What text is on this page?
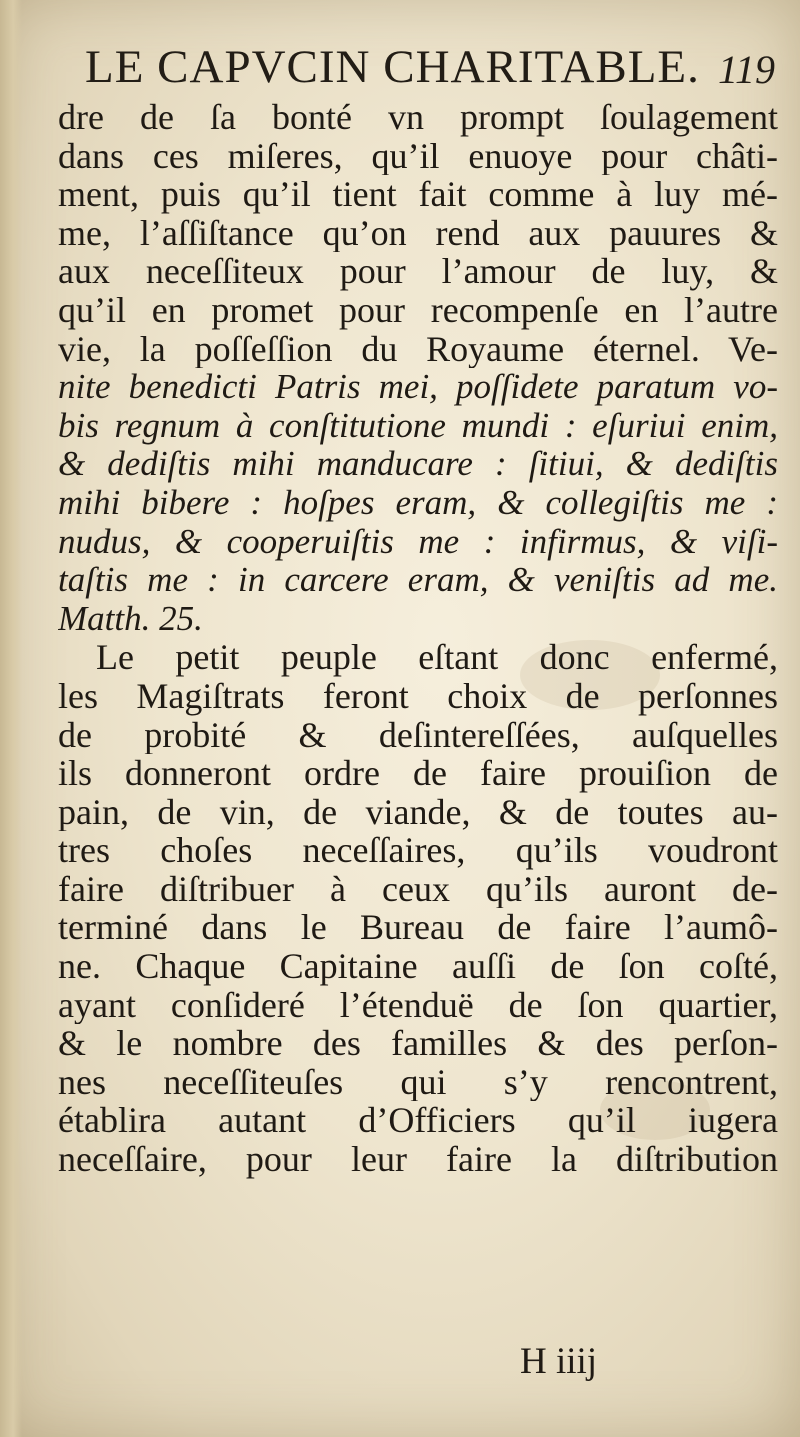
LE CAPVCIN CHARITABLE. 119
dre de ſa bonté vn prompt ſoulagement
dans ces miſeres, qu’il enuoye pour châti-
ment, puis qu’il tient fait comme à luy mé-
me, l’aſſiſtance qu’on rend aux pauures &
aux neceſſiteux pour l’amour de luy, &
qu’il en promet pour recompenſe en l’autre
vie, la poſſeſſion du Royaume éternel. Ve-
nite benedicti Patris mei, poſſidete paratum vo-
bis regnum à conſtitutione mundi : eſuriui enim,
& dediſtis mihi manducare : ſitiui, & dediſtis
mihi bibere : hoſpes eram, & collegiſtis me :
nudus, & cooperuiſtis me : infirmus, & viſi-
taſtis me : in carcere eram, & veniſtis ad me.
Matth. 25.
Le petit peuple eſtant donc enfermé,
les Magiſtrats feront choix de perſonnes
de probité & deſintereſſées, auſquelles
ils donneront ordre de faire prouiſion de
pain, de vin, de viande, & de toutes au-
tres choſes neceſſaires, qu’ils voudront
faire diſtribuer à ceux qu’ils auront de-
terminé dans le Bureau de faire l’aumô-
ne. Chaque Capitaine auſſi de ſon coſté,
ayant conſideré l’étenduë de ſon quartier,
& le nombre des familles & des perſon-
nes neceſſiteuſes qui s’y rencontrent,
établira autant d’Officiers qu’il iugera
neceſſaire, pour leur faire la diſtribution
H iiij
